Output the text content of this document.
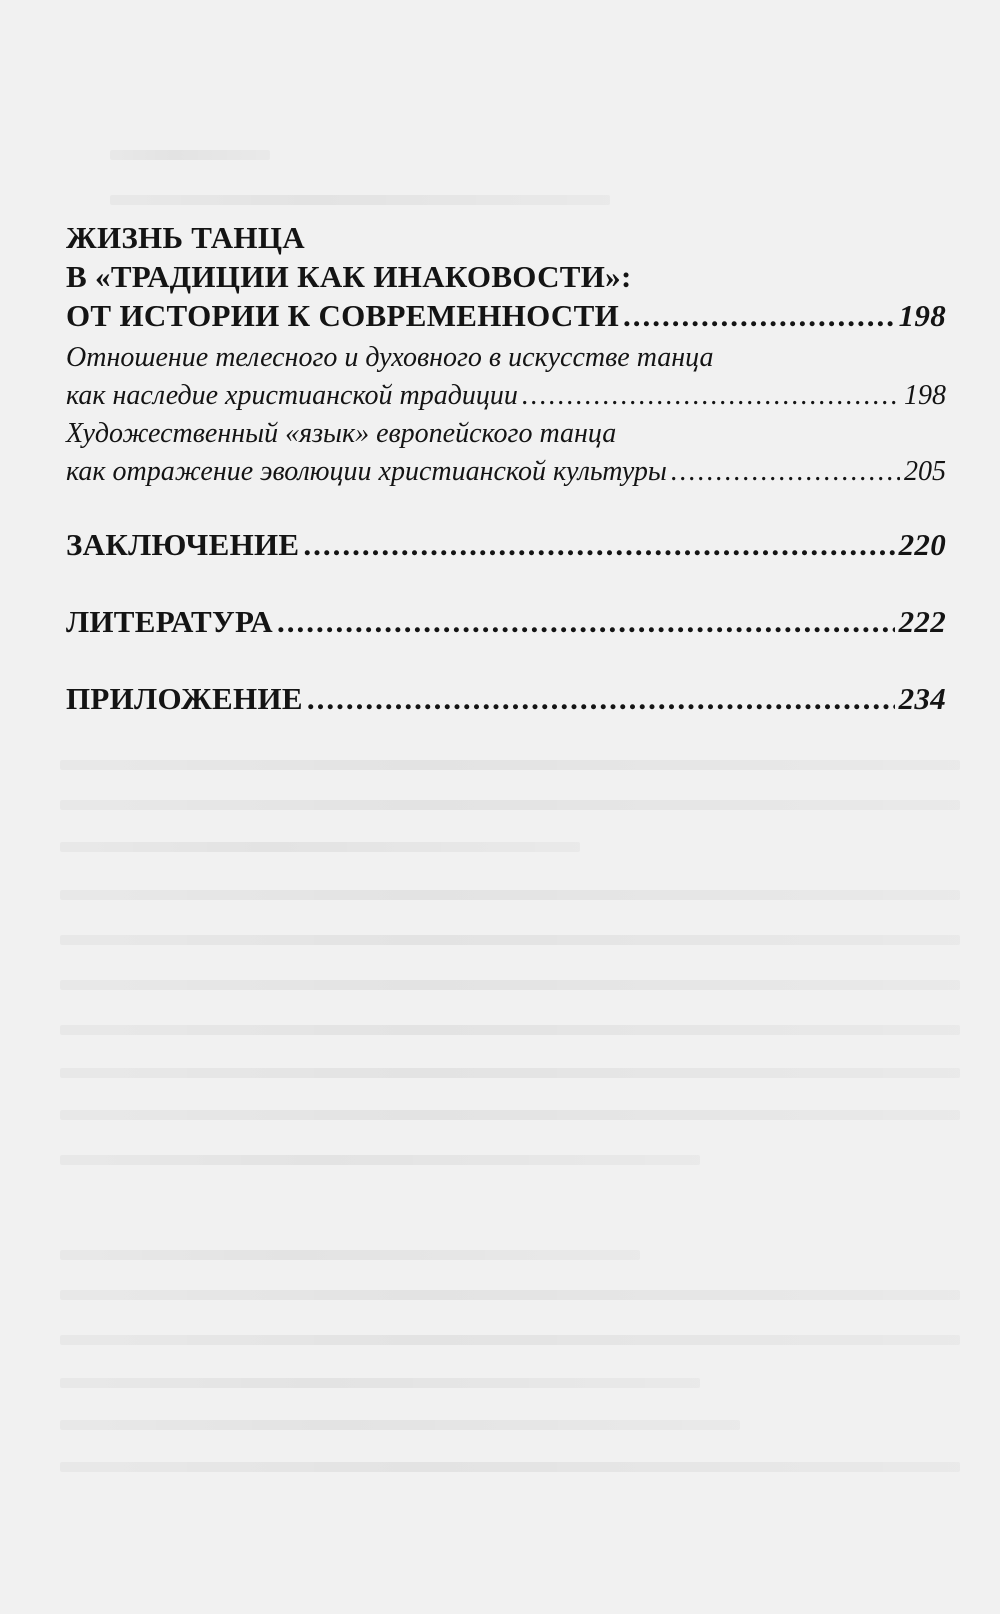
ЖИЗНЬ ТАНЦА
В «ТРАДИЦИИ КАК ИНАКОВОСТИ»:
ОТ ИСТОРИИ К СОВРЕМЕННОСТИ .....	198
Отношение телесного и духовного в искусстве танца
как наследие христианской традиции .....	198
Художественный «язык» европейского танца
как отражение эволюции христианской культуры .....	205
ЗАКЛЮЧЕНИЕ .....	220
ЛИТЕРАТУРА .....	222
ПРИЛОЖЕНИЕ .....	234
